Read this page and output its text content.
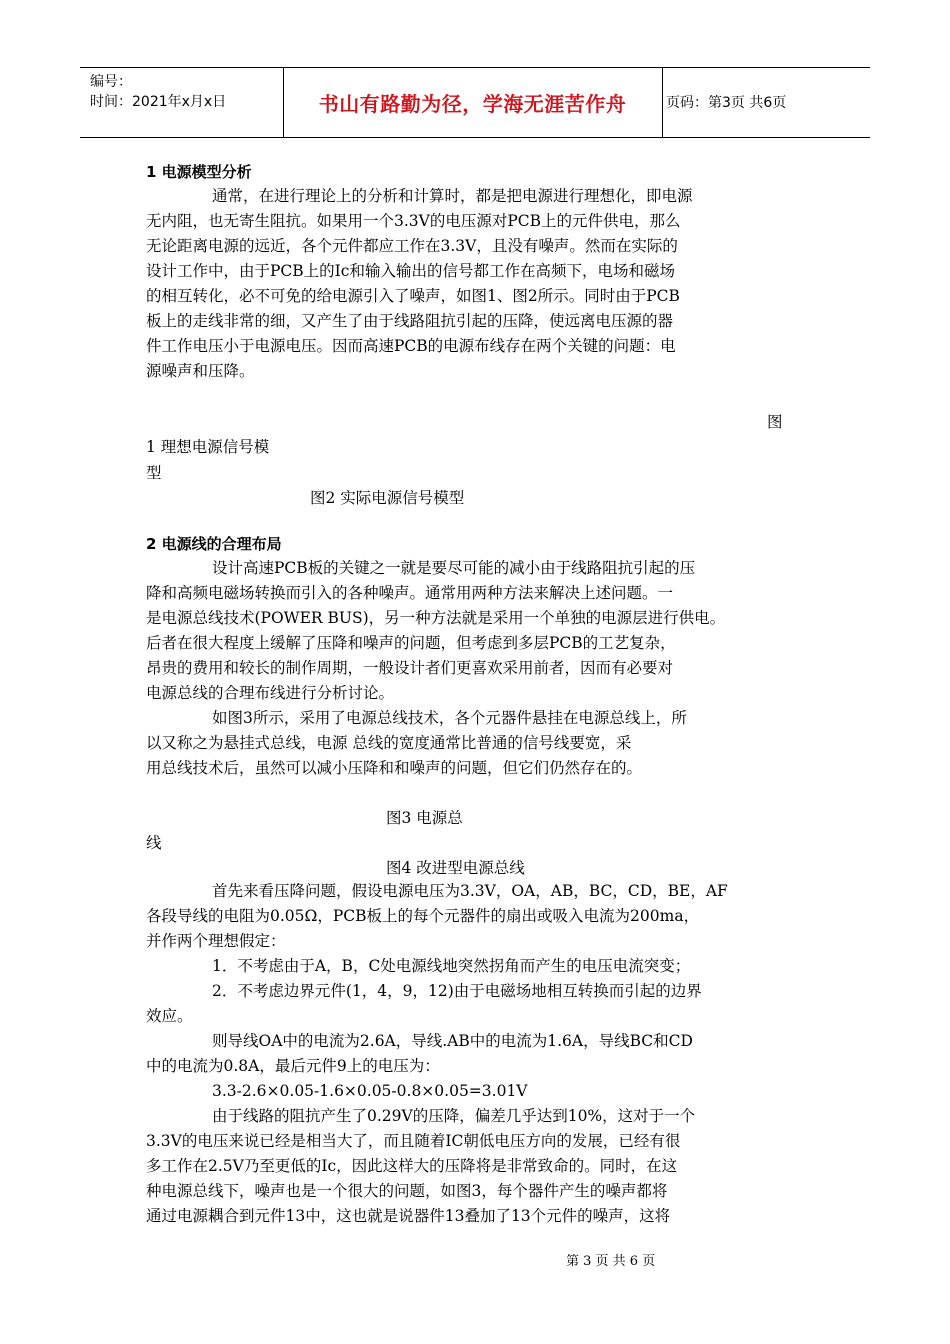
编号：
时间：2021年x月x日	书山有路勤为径，学海无涯苦作舟	页码：第3页 共6页
1 电源模型分析
通常，在进行理论上的分析和计算时，都是把电源进行理想化，即电源
无内阻，也无寄生阻抗。如果用一个3.3V的电压源对PCB上的元件供电，那么
无论距离电源的远近，各个元件都应工作在3.3V，且没有噪声。然而在实际的
设计工作中，由于PCB上的Ic和输入输出的信号都工作在高频下，电场和磁场
的相互转化，必不可免的给电源引入了噪声，如图1、图2所示。同时由于PCB
板上的走线非常的细，又产生了由于线路阻抗引起的压降，使远离电压源的器
件工作电压小于电源电压。因而高速PCB的电源布线存在两个关键的问题：电
源噪声和压降。
图
1 理想电源信号模
型
图2 实际电源信号模型
2 电源线的合理布局
设计高速PCB板的关键之一就是要尽可能的减小由于线路阻抗引起的压
降和高频电磁场转换而引入的各种噪声。通常用两种方法来解决上述问题。一
是电源总线技术(POWER BUS)，另一种方法就是采用一个单独的电源层进行供电。
后者在很大程度上缓解了压降和噪声的问题，但考虑到多层PCB的工艺复杂，
昂贵的费用和较长的制作周期，一般设计者们更喜欢采用前者，因而有必要对
电源总线的合理布线进行分析讨论。
如图3所示，采用了电源总线技术，各个元器件悬挂在电源总线上，所
以又称之为悬挂式总线，电源 总线的宽度通常比普通的信号线要宽，采
用总线技术后，虽然可以减小压降和和噪声的问题，但它们仍然存在的。
图3 电源总
线
图4 改进型电源总线
首先来看压降问题，假设电源电压为3.3V，OA，AB，BC，CD，BE，AF
各段导线的电阻为0.05Ω，PCB板上的每个元器件的扇出或吸入电流为200ma，
并作两个理想假定：
1．不考虑由于A，B，C处电源线地突然拐角而产生的电压电流突变；
2．不考虑边界元件(1，4，9，12)由于电磁场地相互转换而引起的边界
效应。
则导线OA中的电流为2.6A，导线.AB中的电流为1.6A，导线BC和CD
中的电流为0.8A，最后元件9上的电压为：
3.3-2.6×0.05-1.6×0.05-0.8×0.05=3.01V
由于线路的阻抗产生了0.29V的压降，偏差几乎达到10%，这对于一个
3.3V的电压来说已经是相当大了，而且随着IC朝低电压方向的发展，已经有很
多工作在2.5V乃至更低的Ic，因此这样大的压降将是非常致命的。同时，在这
种电源总线下，噪声也是一个很大的问题，如图3，每个器件产生的噪声都将
通过电源耦合到元件13中，这也就是说器件13叠加了13个元件的噪声，这将
第 3 页 共 6 页
